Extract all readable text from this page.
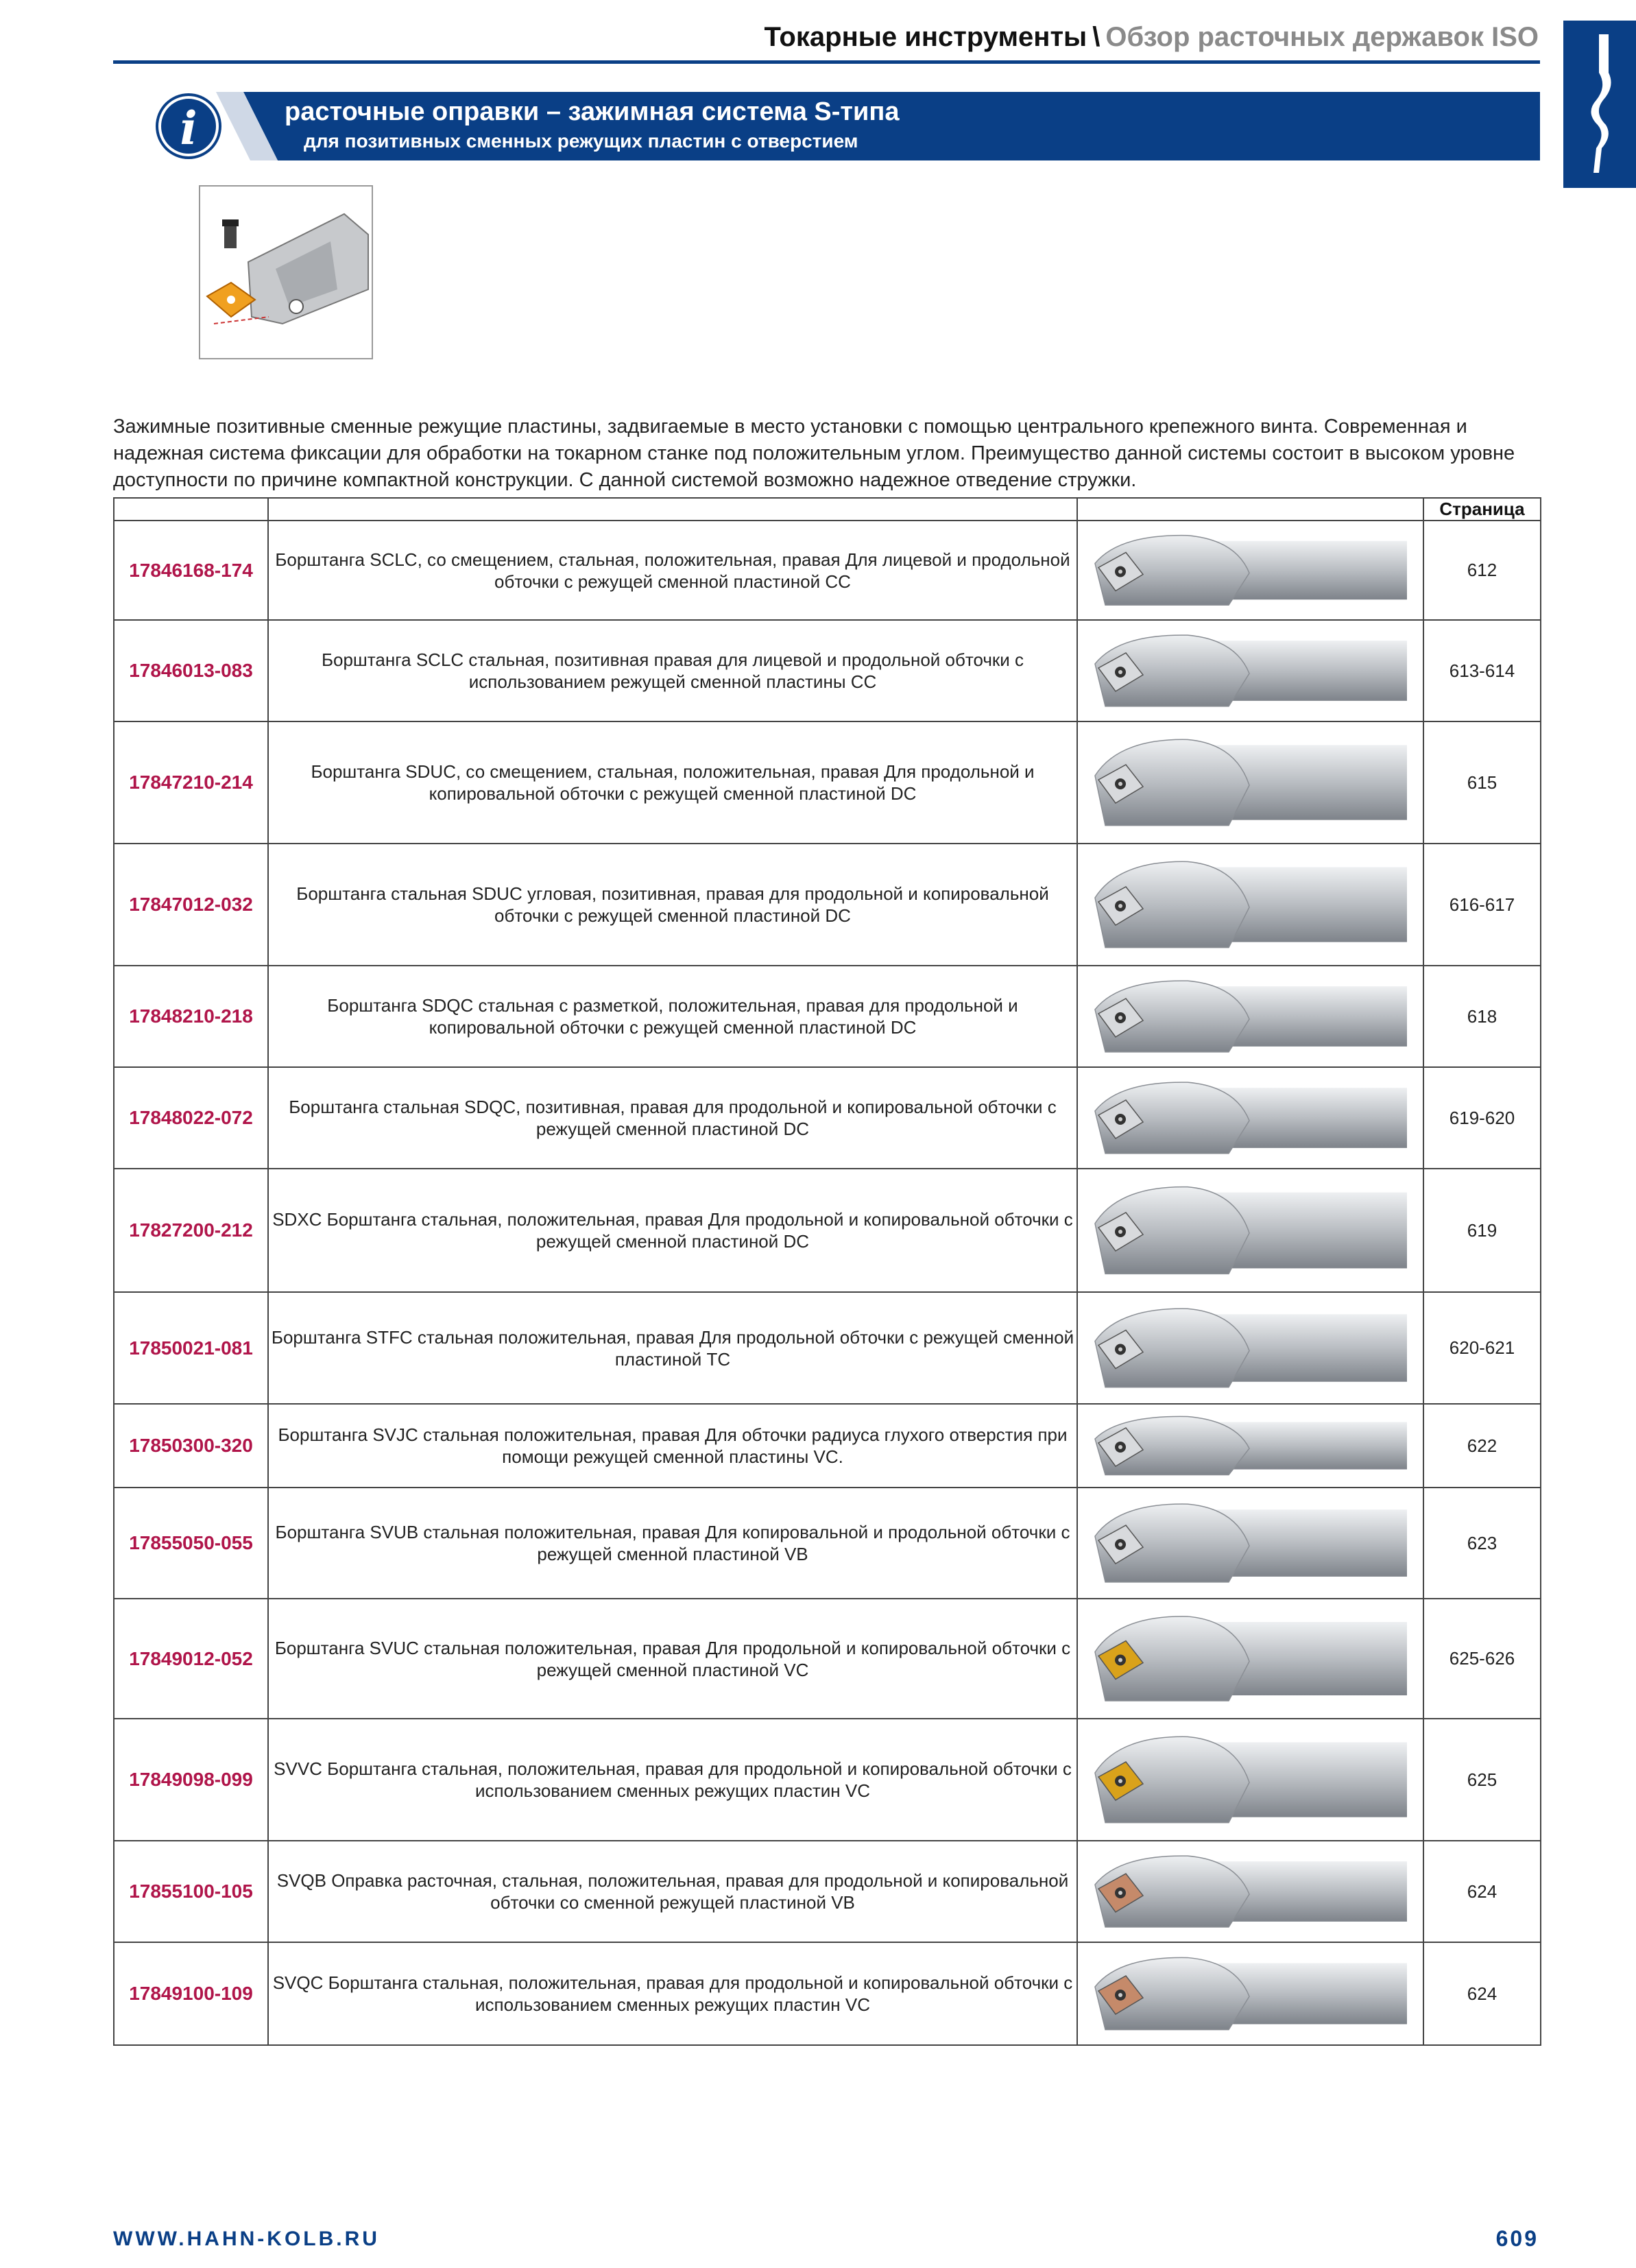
Токарные инструменты \ Обзор расточных державок ISO
i	расточные оправки – зажимная система S-типа
для позитивных сменных режущих пластин с отверстием
Зажимные позитивные сменные режущие пластины, задвигаемые в место установки с помощью центрального крепежного винта. Современная и надежная система фиксации для обработки на токарном станке под положительным углом. Преимущество данной системы состоит в высоком уровне доступности по причине компактной конструкции. С данной системой возможно надежное отведение стружки.
			Страница
17846168-174	Борштанга SCLC, со смещением, стальная, положительная, правая Для лицевой и продольной обточки с режущей сменной пластиной CC		612
17846013-083	Борштанга SCLC стальная, позитивная правая для лицевой и продольной обточки с использованием режущей сменной пластины CC		613-614
17847210-214	Борштанга SDUC, со смещением, стальная, положительная, правая Для продольной и копировальной обточки с режущей сменной пластиной DC		615
17847012-032	Борштанга стальная SDUC угловая, позитивная, правая для продольной и копировальной обточки с режущей сменной пластиной DC		616-617
17848210-218	Борштанга SDQC стальная с разметкой, положительная, правая для продольной и копировальной обточки с режущей сменной пластиной DC		618
17848022-072	Борштанга стальная SDQC, позитивная, правая для продольной и копировальной обточки с режущей сменной пластиной DC		619-620
17827200-212	SDXC Борштанга стальная, положительная, правая Для продольной и копировальной обточки с режущей сменной пластиной DC		619
17850021-081	Борштанга STFC стальная положительная, правая Для продольной обточки с режущей сменной пластиной TC		620-621
17850300-320	Борштанга SVJC стальная положительная, правая Для обточки радиуса глухого отверстия при помощи режущей сменной пластины VC.		622
17855050-055	Борштанга SVUB стальная положительная, правая Для копировальной и продольной обточки с режущей сменной пластиной VB		623
17849012-052	Борштанга SVUC стальная положительная, правая Для продольной и копировальной обточки с режущей сменной пластиной VC		625-626
17849098-099	SVVC Борштанга стальная, положительная, правая для продольной и копировальной обточки с использованием сменных режущих пластин VC		625
17855100-105	SVQB Оправка расточная, стальная, положительная, правая для продольной и копировальной обточки со сменной режущей пластиной VB		624
17849100-109	SVQC Борштанга стальная, положительная, правая для продольной и копировальной обточки с использованием сменных режущих пластин VC		624
WWW.HAHN-KOLB.RU	609
